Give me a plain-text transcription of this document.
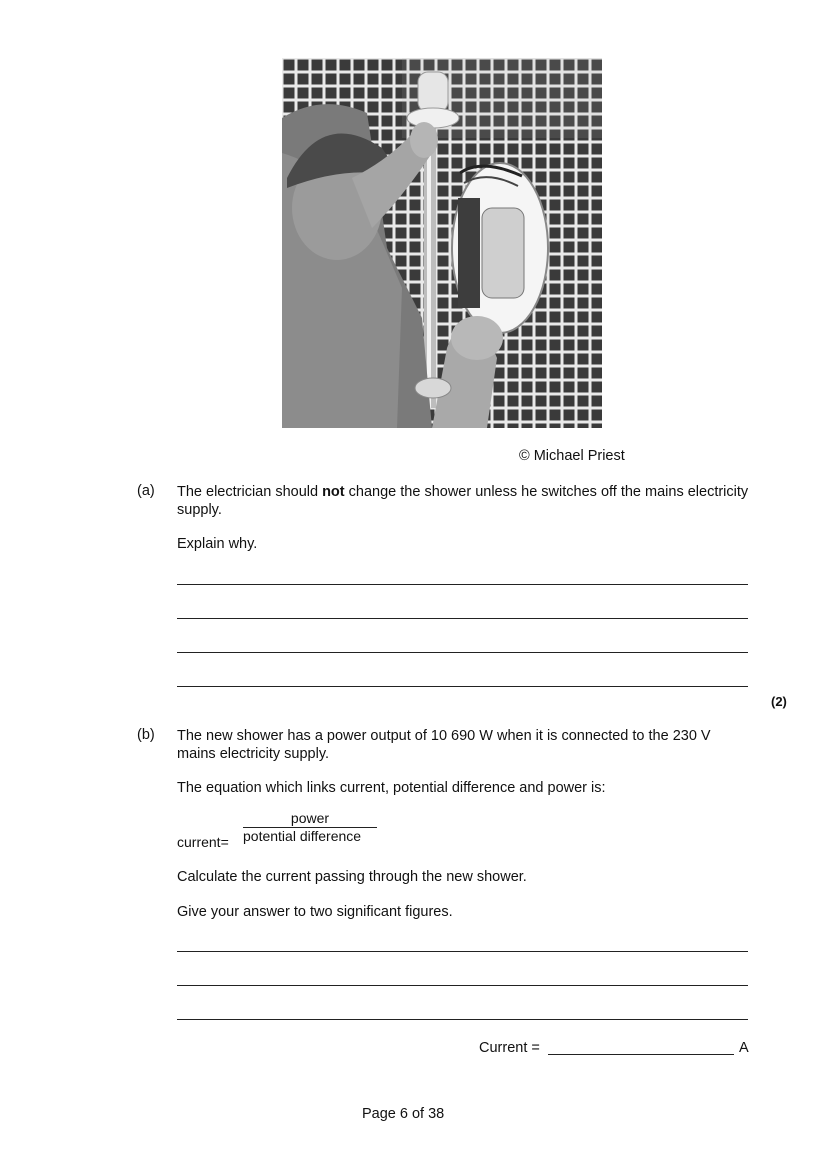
© Michael Priest
(a) The electrician should not change the shower unless he switches off the mains electricity supply.
Explain why.
(2)
(b) The new shower has a power output of 10 690 W when it is connected to the 230 V mains electricity supply.
The equation which links current, potential difference and power is:
power
potential difference
current=
Calculate the current passing through the new shower.
Give your answer to two significant figures.
Current =	A
Page 6 of 38
